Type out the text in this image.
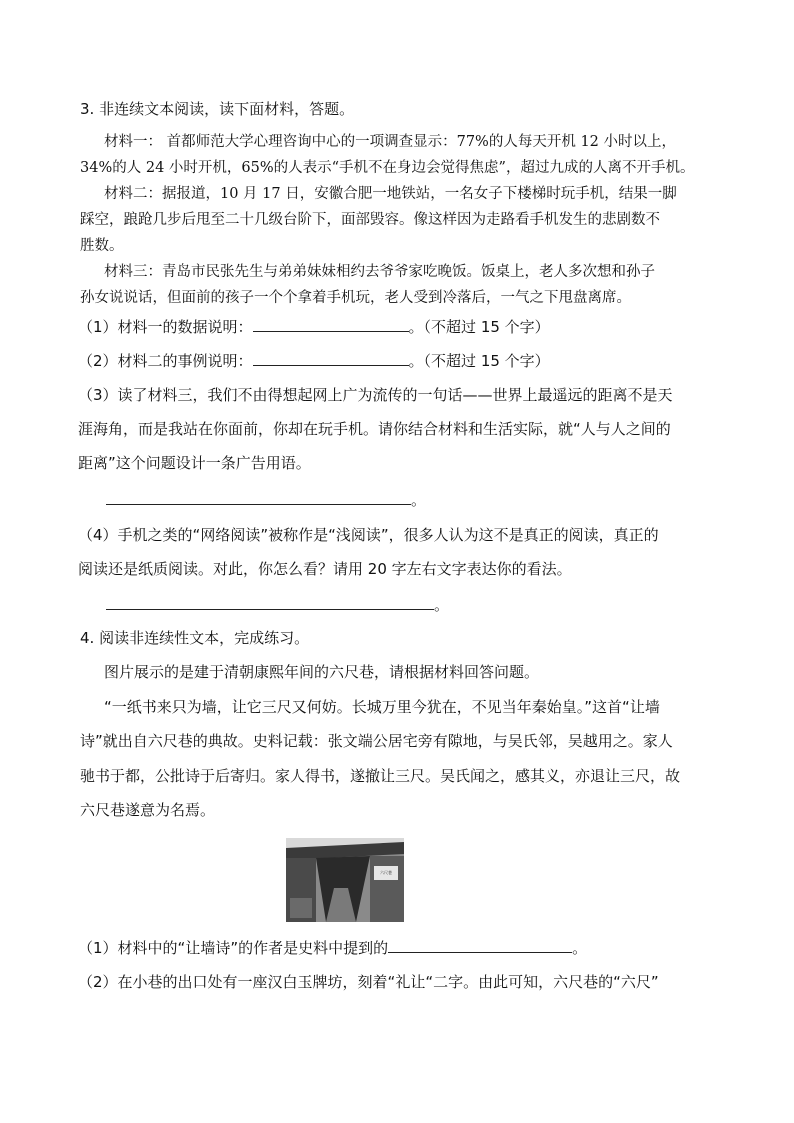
3. 非连续文本阅读，读下面材料，答题。
材料一： 首都师范大学心理咨询中心的一项调查显示：77%的人每天开机 12 小时以上，
34%的人 24 小时开机，65%的人表示“手机不在身边会觉得焦虑”，超过九成的人离不开手机。
材料二：据报道，10 月 17 日，安徽合肥一地铁站，一名女子下楼梯时玩手机，结果一脚
踩空，踉跄几步后甩至二十几级台阶下，面部毁容。像这样因为走路看手机发生的悲剧数不
胜数。
材料三：青岛市民张先生与弟弟妹妹相约去爷爷家吃晚饭。饭桌上，老人多次想和孙子
孙女说说话，但面前的孩子一个个拿着手机玩，老人受到冷落后，一气之下甩盘离席。
（1）材料一的数据说明：	。（不超过 15 个字）
（2）材料二的事例说明：	。（不超过 15 个字）
（3）读了材料三，我们不由得想起网上广为流传的一句话——世界上最遥远的距离不是天
涯海角，而是我站在你面前，你却在玩手机。请你结合材料和生活实际，就“人与人之间的
距离”这个问题设计一条广告用语。
。
（4）手机之类的“网络阅读”被称作是“浅阅读”，很多人认为这不是真正的阅读，真正的
阅读还是纸质阅读。对此，你怎么看？请用 20 字左右文字表达你的看法。
。
4. 阅读非连续性文本，完成练习。
图片展示的是建于清朝康熙年间的六尺巷，请根据材料回答问题。
“一纸书来只为墙，让它三尺又何妨。长城万里今犹在，不见当年秦始皇。”这首“让墙
诗”就出自六尺巷的典故。史料记载：张文端公居宅旁有隙地，与吴氏邻，吴越用之。家人
驰书于都，公批诗于后寄归。家人得书，遂撤让三尺。吴氏闻之，感其义，亦退让三尺，故
六尺巷遂意为名焉。
六尺巷
（1）材料中的“让墙诗”的作者是史料中提到的	。
（2）在小巷的出口处有一座汉白玉牌坊，刻着“礼让“二字。由此可知，六尺巷的“六尺”
